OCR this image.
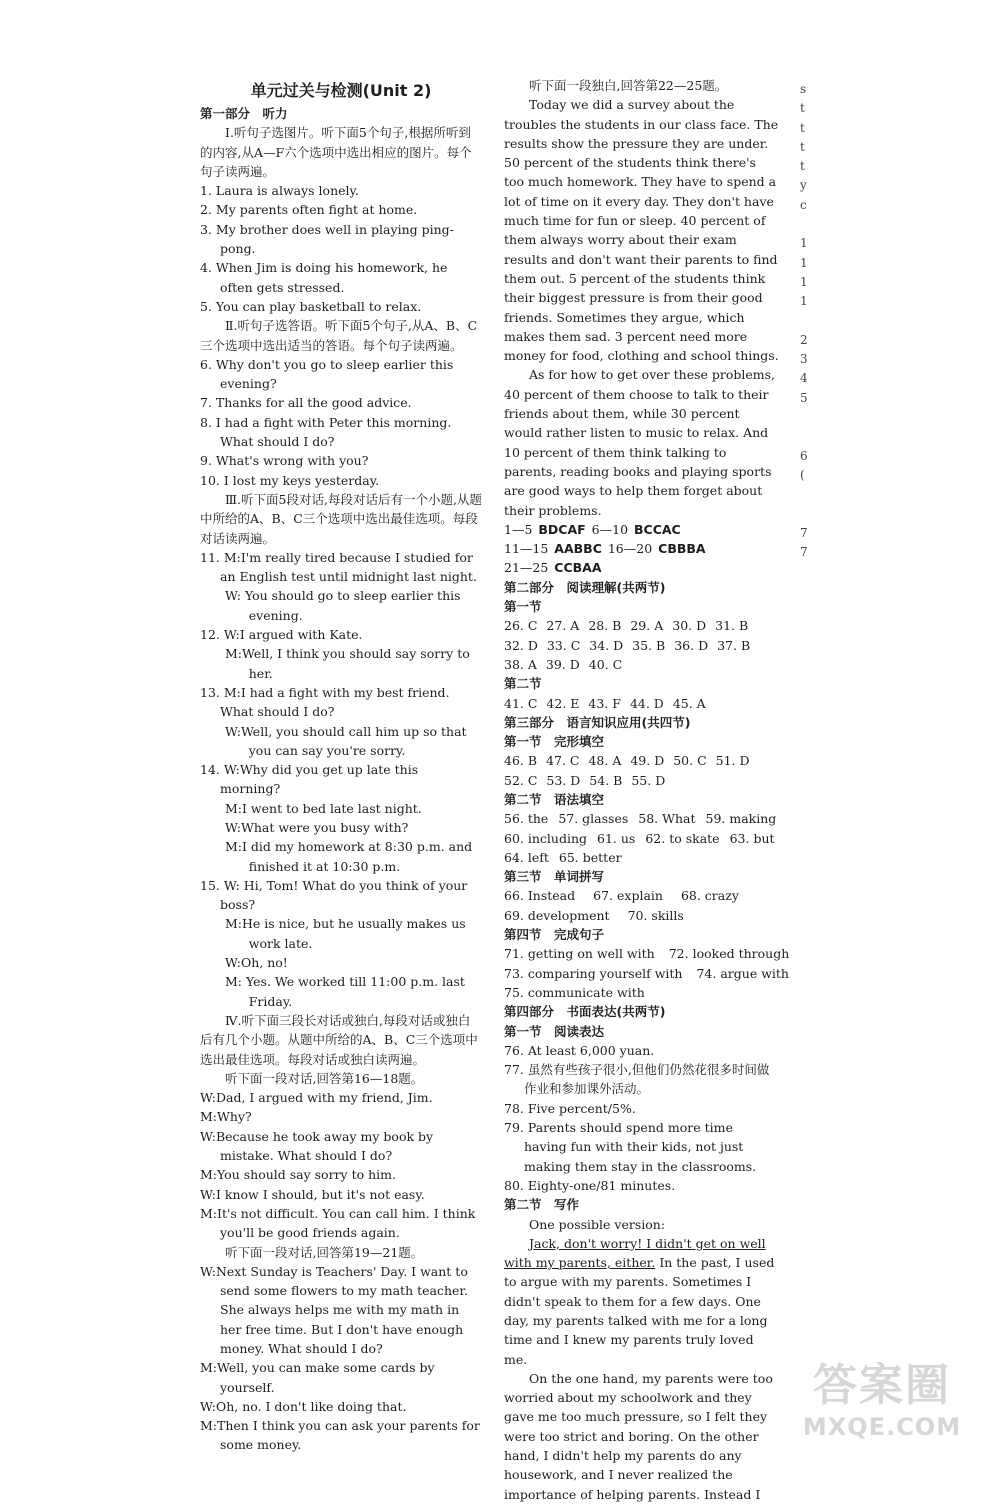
单元过关与检测(Unit 2)
第一部分　听力

Ⅰ.听句子选图片。听下面5个句子,根据所听到的内容,从A—F六个选项中选出相应的图片。每个句子读两遍。

1. Laura is always lonely.
2. My parents often fight at home.
3. My brother does well in playing ping-pong.
4. When Jim is doing his homework, he often gets stressed.
5. You can play basketball to relax.

Ⅱ.听句子选答语。听下面5个句子,从A、B、C三个选项中选出适当的答语。每个句子读两遍。

6. Why don't you go to sleep earlier this evening?
7. Thanks for all the good advice.
8. I had a fight with Peter this morning. What should I do?
9. What's wrong with you?
10. I lost my keys yesterday.

Ⅲ.听下面5段对话,每段对话后有一个小题,从题中所给的A、B、C三个选项中选出最佳选项。每段对话读两遍。

11. M:I'm really tired because I studied for an English test until midnight last night.
W: You should go to sleep earlier this evening.
12. W:I argued with Kate.
M:Well, I think you should say sorry to her.
13. M:I had a fight with my best friend. What should I do?
W:Well, you should call him up so that you can say you're sorry.
14. W:Why did you get up late this morning?
M:I went to bed late last night.
W:What were you busy with?
M:I did my homework at 8:30 p.m. and finished it at 10:30 p.m.
15. W: Hi, Tom! What do you think of your boss?
M:He is nice, but he usually makes us work late.
W:Oh, no!
M: Yes. We worked till 11:00 p.m. last Friday.

Ⅳ.听下面三段长对话或独白,每段对话或独白后有几个小题。从题中所给的A、B、C三个选项中选出最佳选项。每段对话或独白读两遍。

听下面一段对话,回答第16—18题。

W:Dad, I argued with my friend, Jim.
M:Why?
W:Because he took away my book by mistake. What should I do?
M:You should say sorry to him.
W:I know I should, but it's not easy.
M:It's not difficult. You can call him. I think you'll be good friends again.

听下面一段对话,回答第19—21题。

W:Next Sunday is Teachers' Day. I want to send some flowers to my math teacher. She always helps me with my math in her free time. But I don't have enough money. What should I do?
M:Well, you can make some cards by yourself.
W:Oh, no. I don't like doing that.
M:Then I think you can ask your parents for some money.

听下面一段独白,回答第22—25题。

Today we did a survey about the troubles the students in our class face. The results show the pressure they are under. 50 percent of the students think there's too much homework. They have to spend a lot of time on it every day. They don't have much time for fun or sleep. 40 percent of them always worry about their exam results and don't want their parents to find them out. 5 percent of the students think their biggest pressure is from their good friends. Sometimes they argue, which makes them sad. 3 percent need more money for food, clothing and school things.

As for how to get over these problems, 40 percent of them choose to talk to their friends about them, while 30 percent would rather listen to music to relax. And 10 percent of them think talking to parents, reading books and playing sports are good ways to help them forget about their problems.

1—5 BDCAF 6—10 BCCAC
11—15 AABBC 16—20 CBBBA
21—25 CCBAA
第二部分　阅读理解(共两节)
第一节
26. C 27. A 28. B 29. A 30. D 31. B
32. D 33. C 34. D 35. B 36. D 37. B
38. A 39. D 40. C
第二节
41. C 42. E 43. F 44. D 45. A
第三部分　语言知识应用(共四节)
第一节　完形填空
46. B 47. C 48. A 49. D 50. C 51. D
52. C 53. D 54. B 55. D
第二节　语法填空
56. the 57. glasses 58. What 59. making
60. including 61. us 62. to skate 63. but
64. left 65. better
第三节　单词拼写
66. Instead 67. explain 68. crazy
69. development 70. skills
第四节　完成句子
71. getting on well with 72. looked through
73. comparing yourself with 74. argue with
75. communicate with
第四部分　书面表达(共两节)
第一节　阅读表达
76. At least 6,000 yuan.
77. 虽然有些孩子很小,但他们仍然花很多时间做作业和参加课外活动。
78. Five percent/5%.
79. Parents should spend more time having fun with their kids, not just making them stay in the classrooms.
80. Eighty-one/81 minutes.
第二节　写作

One possible version:

Jack, don't worry! I didn't get on well with my parents, either. In the past, I used to argue with my parents. Sometimes I didn't speak to them for a few days. One day, my parents talked with me for a long time and I knew my parents truly loved me.

On the one hand, my parents were too worried about my schoolwork and they gave me too much pressure, so I felt they were too strict and boring. On the other hand, I didn't help my parents do any housework, and I never realized the importance of helping parents. Instead I

s
t
t
t
t
y
c
1
1
1
1
2
3
4
5
6
(
7
7
答案圈
MXQE.COM
